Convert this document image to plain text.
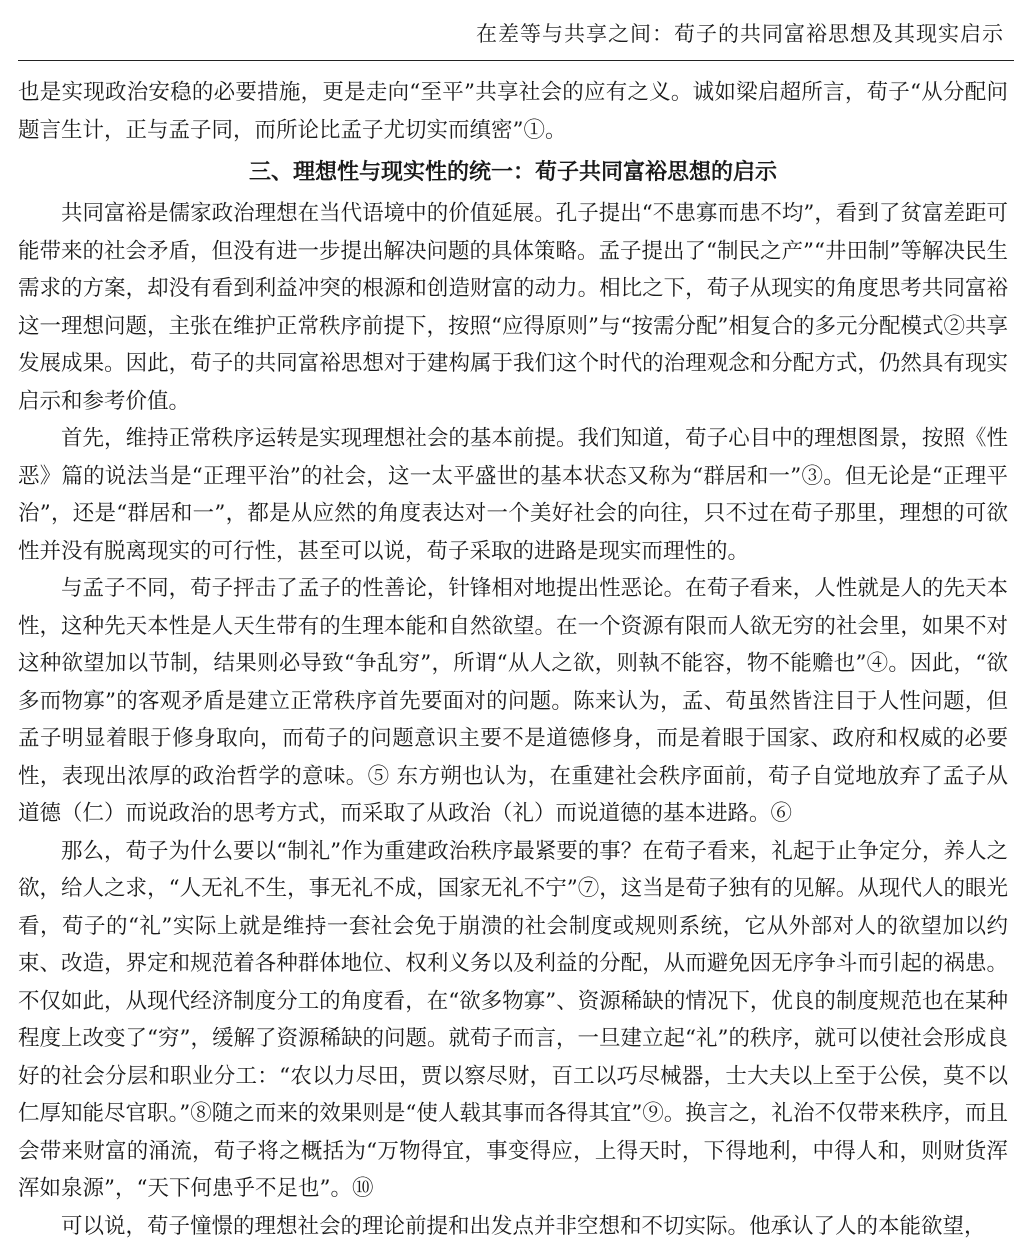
在差等与共享之间：荀子的共同富裕思想及其现实启示

也是实现政治安稳的必要措施，更是走向“至平”共享社会的应有之义。诚如梁启超所言，荀子“从分配问题言生计，正与孟子同，而所论比孟子尤切实而缜密”①。

三、理想性与现实性的统一：荀子共同富裕思想的启示

共同富裕是儒家政治理想在当代语境中的价值延展。孔子提出“不患寡而患不均”，看到了贫富差距可能带来的社会矛盾，但没有进一步提出解决问题的具体策略。孟子提出了“制民之产”“井田制”等解决民生需求的方案，却没有看到利益冲突的根源和创造财富的动力。相比之下，荀子从现实的角度思考共同富裕这一理想问题，主张在维护正常秩序前提下，按照“应得原则”与“按需分配”相复合的多元分配模式②共享发展成果。因此，荀子的共同富裕思想对于建构属于我们这个时代的治理观念和分配方式，仍然具有现实启示和参考价值。

首先，维持正常秩序运转是实现理想社会的基本前提。我们知道，荀子心目中的理想图景，按照《性恶》篇的说法当是“正理平治”的社会，这一太平盛世的基本状态又称为“群居和一”③。但无论是“正理平治”，还是“群居和一”，都是从应然的角度表达对一个美好社会的向往，只不过在荀子那里，理想的可欲性并没有脱离现实的可行性，甚至可以说，荀子采取的进路是现实而理性的。

与孟子不同，荀子抨击了孟子的性善论，针锋相对地提出性恶论。在荀子看来，人性就是人的先天本性，这种先天本性是人天生带有的生理本能和自然欲望。在一个资源有限而人欲无穷的社会里，如果不对这种欲望加以节制，结果则必导致“争乱穷”，所谓“从人之欲，则執不能容，物不能赡也”④。因此，“欲多而物寡”的客观矛盾是建立正常秩序首先要面对的问题。陈来认为，孟、荀虽然皆注目于人性问题，但孟子明显着眼于修身取向，而荀子的问题意识主要不是道德修身，而是着眼于国家、政府和权威的必要性，表现出浓厚的政治哲学的意味。⑤ 东方朔也认为，在重建社会秩序面前，荀子自觉地放弃了孟子从道德（仁）而说政治的思考方式，而采取了从政治（礼）而说道德的基本进路。⑥

那么，荀子为什么要以“制礼”作为重建政治秩序最紧要的事？在荀子看来，礼起于止争定分，养人之欲，给人之求，“人无礼不生，事无礼不成，国家无礼不宁”⑦，这当是荀子独有的见解。从现代人的眼光看，荀子的“礼”实际上就是维持一套社会免于崩溃的社会制度或规则系统，它从外部对人的欲望加以约束、改造，界定和规范着各种群体地位、权利义务以及利益的分配，从而避免因无序争斗而引起的祸患。不仅如此，从现代经济制度分工的角度看，在“欲多物寡”、资源稀缺的情况下，优良的制度规范也在某种程度上改变了“穷”，缓解了资源稀缺的问题。就荀子而言，一旦建立起“礼”的秩序，就可以使社会形成良好的社会分层和职业分工：“农以力尽田，贾以察尽财，百工以巧尽械器，士大夫以上至于公侯，莫不以仁厚知能尽官职。”⑧随之而来的效果则是“使人载其事而各得其宜”⑨。换言之，礼治不仅带来秩序，而且会带来财富的涌流，荀子将之概括为“万物得宜，事变得应，上得天时，下得地利，中得人和，则财货浑浑如泉源”，“天下何患乎不足也”。⑩

可以说，荀子憧憬的理想社会的理论前提和出发点并非空想和不切实际。他承认了人的本能欲望，
